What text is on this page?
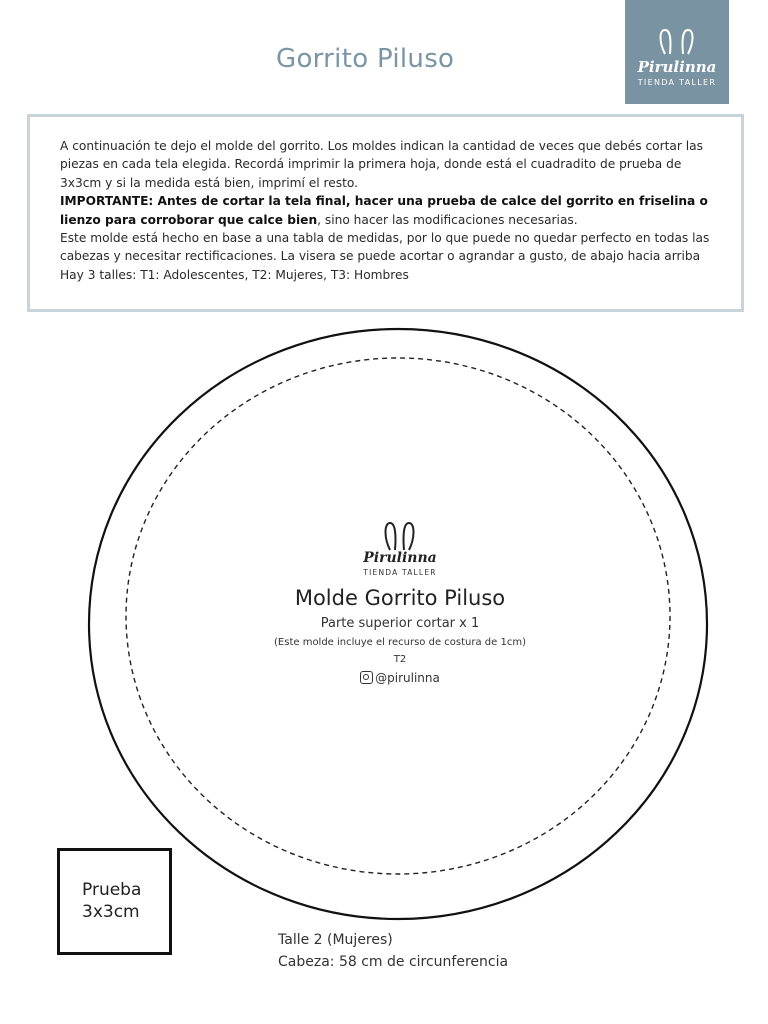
Gorrito Piluso	Pirulinna
TIENDA TALLER

A continuación te dejo el molde del gorrito. Los moldes indican la cantidad de veces que debés cortar las piezas en cada tela elegida. Recordá imprimir la primera hoja, donde está el cuadradito de prueba de 3x3cm y si la medida está bien, imprimí el resto.

IMPORTANTE: Antes de cortar la tela final, hacer una prueba de calce del gorrito en friselina o lienzo para corroborar que calce bien, sino hacer las modificaciones necesarias.

Este molde está hecho en base a una tabla de medidas, por lo que puede no quedar perfecto en todas las cabezas y necesitar rectificaciones. La visera se puede acortar o agrandar a gusto, de abajo hacia arriba

Hay 3 talles: T1: Adolescentes, T2: Mujeres, T3: Hombres

Pirulinna
TIENDA TALLER
Molde Gorrito Piluso
Parte superior cortar x 1
(Este molde incluye el recurso de costura de 1cm)
T2
@pirulinna
Prueba
3x3cm
Talle 2 (Mujeres)
Cabeza: 58 cm de circunferencia
